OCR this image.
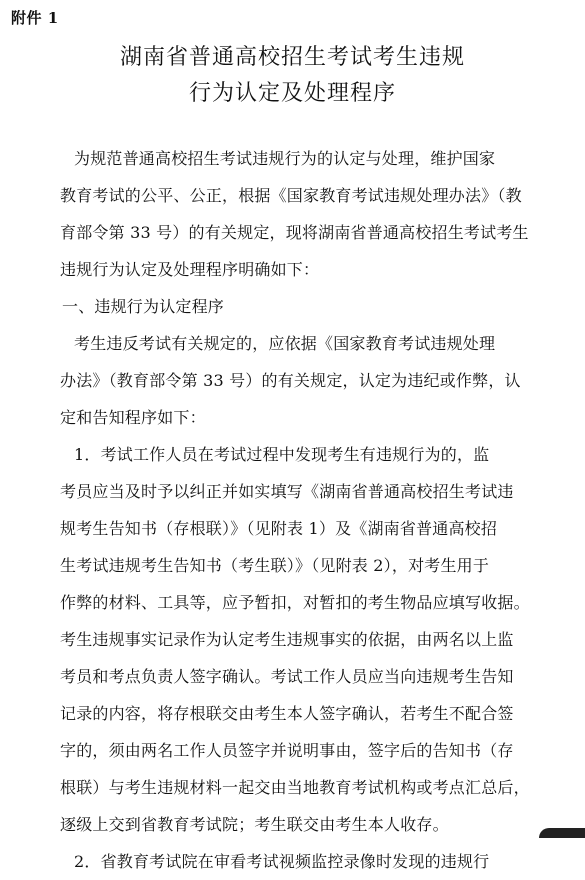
附件 1
湖南省普通高校招生考试考生违规
行为认定及处理程序
为规范普通高校招生考试违规行为的认定与处理，维护国家
教育考试的公平、公正，根据《国家教育考试违规处理办法》（教
育部令第 33 号）的有关规定，现将湖南省普通高校招生考试考生
违规行为认定及处理程序明确如下：
一、违规行为认定程序
考生违反考试有关规定的，应依据《国家教育考试违规处理
办法》（教育部令第 33 号）的有关规定，认定为违纪或作弊，认
定和告知程序如下：
1．考试工作人员在考试过程中发现考生有违规行为的，监
考员应当及时予以纠正并如实填写《湖南省普通高校招生考试违
规考生告知书（存根联）》（见附表 1）及《湖南省普通高校招
生考试违规考生告知书（考生联）》（见附表 2），对考生用于
作弊的材料、工具等，应予暂扣，对暂扣的考生物品应填写收据。
考生违规事实记录作为认定考生违规事实的依据，由两名以上监
考员和考点负责人签字确认。考试工作人员应当向违规考生告知
记录的内容，将存根联交由考生本人签字确认，若考生不配合签
字的，须由两名工作人员签字并说明事由，签字后的告知书（存
根联）与考生违规材料一起交由当地教育考试机构或考点汇总后，
逐级上交到省教育考试院；考生联交由考生本人收存。
2．省教育考试院在审看考试视频监控录像时发现的违规行
